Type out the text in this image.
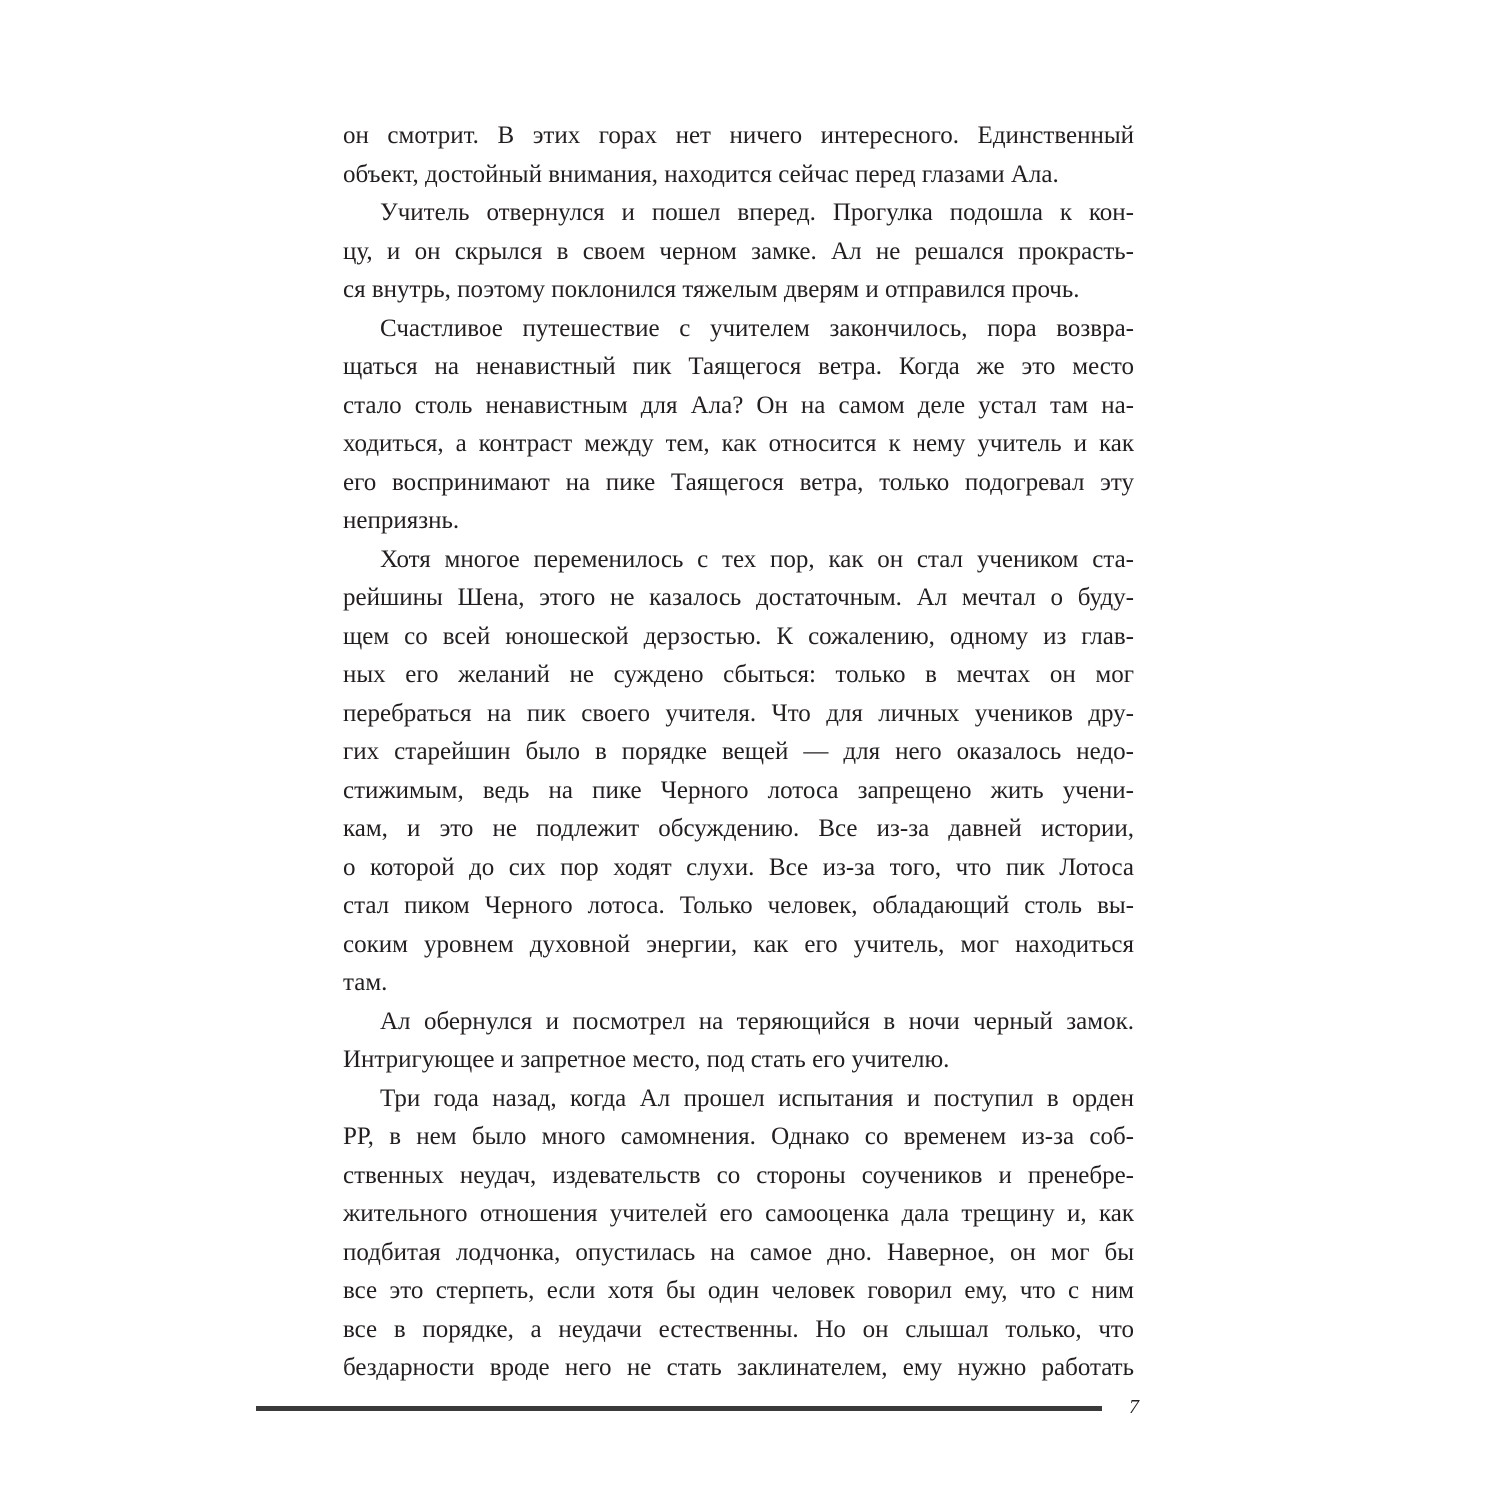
он смотрит. В этих горах нет ничего интересного. Единственный
объект, достойный внимания, находится сейчас перед глазами Ала.
Учитель отвернулся и пошел вперед. Прогулка подошла к кон-
цу, и он скрылся в своем черном замке. Ал не решался прокрасть-
ся внутрь, поэтому поклонился тяжелым дверям и отправился прочь.
Счастливое путешествие с учителем закончилось, пора возвра-
щаться на ненавистный пик Таящегося ветра. Когда же это место
стало столь ненавистным для Ала? Он на самом деле устал там на-
ходиться, а контраст между тем, как относится к нему учитель и как
его воспринимают на пике Таящегося ветра, только подогревал эту
неприязнь.
Хотя многое переменилось с тех пор, как он стал учеником ста-
рейшины Шена, этого не казалось достаточным. Ал мечтал о буду-
щем со всей юношеской дерзостью. К сожалению, одному из глав-
ных его желаний не суждено сбыться: только в мечтах он мог
перебраться на пик своего учителя. Что для личных учеников дру-
гих старейшин было в порядке вещей — для него оказалось недо-
стижимым, ведь на пике Черного лотоса запрещено жить учени-
кам, и это не подлежит обсуждению. Все из-за давней истории,
о которой до сих пор ходят слухи. Все из-за того, что пик Лотоса
стал пиком Черного лотоса. Только человек, обладающий столь вы-
соким уровнем духовной энергии, как его учитель, мог находиться
там.
Ал обернулся и посмотрел на теряющийся в ночи черный замок.
Интригующее и запретное место, под стать его учителю.
Три года назад, когда Ал прошел испытания и поступил в орден
РР, в нем было много самомнения. Однако со временем из-за соб-
ственных неудач, издевательств со стороны соучеников и пренебре-
жительного отношения учителей его самооценка дала трещину и, как
подбитая лодчонка, опустилась на самое дно. Наверное, он мог бы
все это стерпеть, если хотя бы один человек говорил ему, что с ним
все в порядке, а неудачи естественны. Но он слышал только, что
бездарности вроде него не стать заклинателем, ему нужно работать
7
